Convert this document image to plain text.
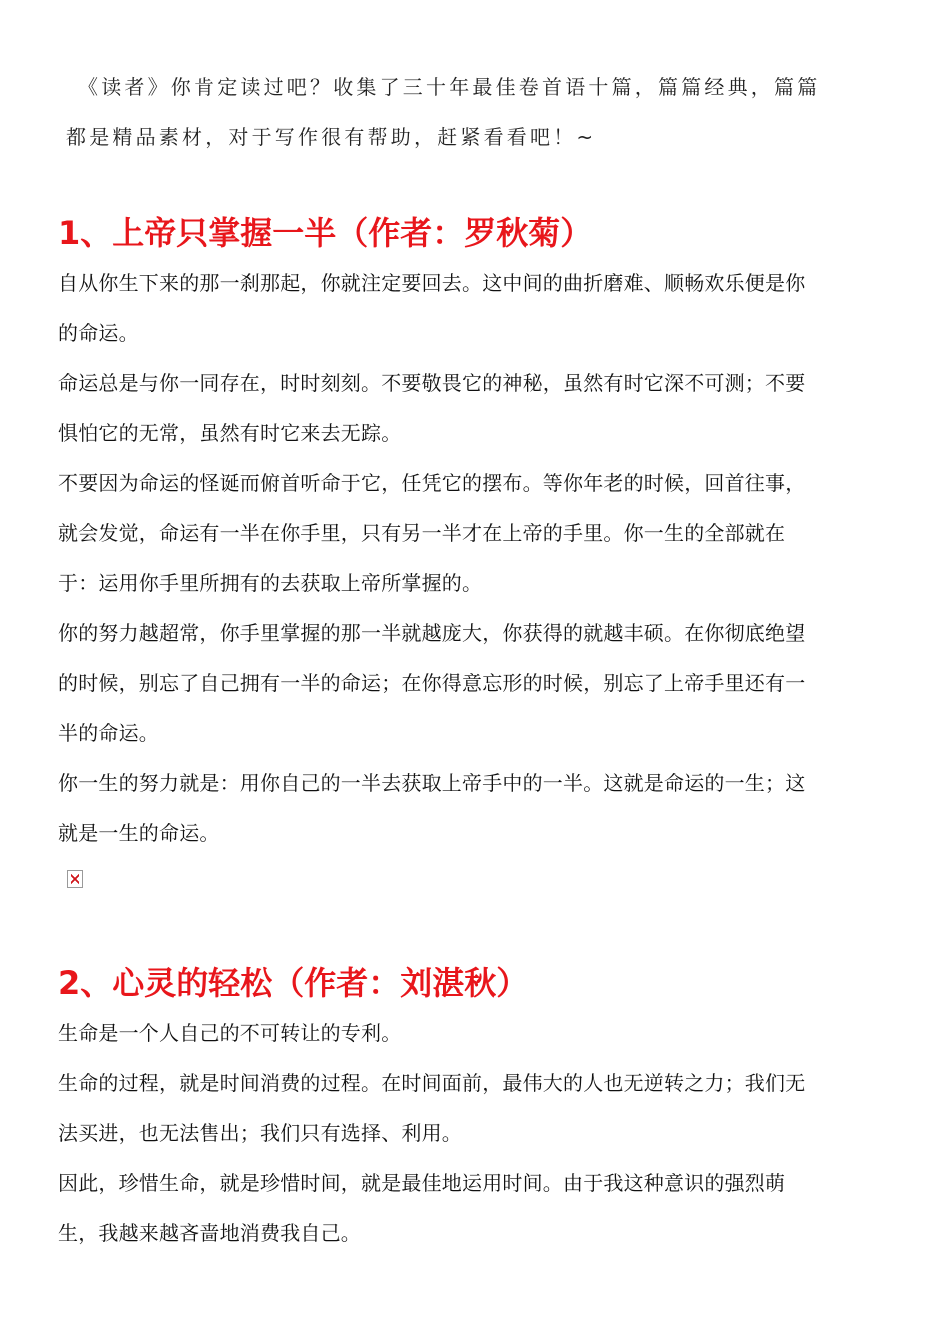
《读者》你肯定读过吧？收集了三十年最佳卷首语十篇，篇篇经典，篇篇

都是精品素材，对于写作很有帮助，赶紧看看吧！~

1、上帝只掌握一半（作者：罗秋菊）

自从你生下来的那一刹那起，你就注定要回去。这中间的曲折磨难、顺畅欢乐便是你

的命运。

命运总是与你一同存在，时时刻刻。不要敬畏它的神秘，虽然有时它深不可测；不要

惧怕它的无常，虽然有时它来去无踪。

不要因为命运的怪诞而俯首听命于它，任凭它的摆布。等你年老的时候，回首往事，

就会发觉，命运有一半在你手里，只有另一半才在上帝的手里。你一生的全部就在

于：运用你手里所拥有的去获取上帝所掌握的。

你的努力越超常，你手里掌握的那一半就越庞大，你获得的就越丰硕。在你彻底绝望

的时候，别忘了自己拥有一半的命运；在你得意忘形的时候，别忘了上帝手里还有一

半的命运。

你一生的努力就是：用你自己的一半去获取上帝手中的一半。这就是命运的一生；这

就是一生的命运。

2、心灵的轻松（作者：刘湛秋）

生命是一个人自己的不可转让的专利。

生命的过程，就是时间消费的过程。在时间面前，最伟大的人也无逆转之力；我们无

法买进，也无法售出；我们只有选择、利用。

因此，珍惜生命，就是珍惜时间，就是最佳地运用时间。由于我这种意识的强烈萌

生，我越来越吝啬地消费我自己。
